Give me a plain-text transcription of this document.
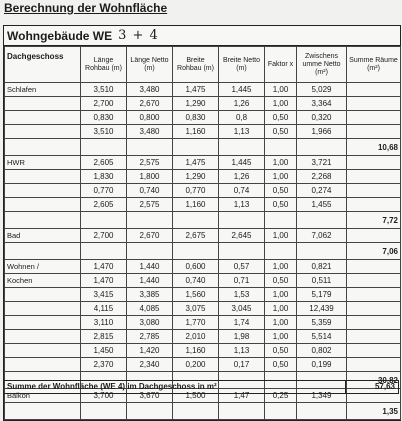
Berechnung der Wohnfläche
Wohngebäude WE 3 + 4
Dachgeschoss	Länge Rohbau (m)	Länge Netto (m)	Breite Rohbau (m)	Breite Netto (m)	Faktor x	Zwischens umme Netto (m²)	Summe Räume (m²)
Schlafen	3,510	3,480	1,475	1,445	1,00	5,029	
	2,700	2,670	1,290	1,26	1,00	3,364	
	0,830	0,800	0,830	0,8	0,50	0,320	
	3,510	3,480	1,160	1,13	0,50	1,966	
							10,68
HWR	2,605	2,575	1,475	1,445	1,00	3,721	
	1,830	1,800	1,290	1,26	1,00	2,268	
	0,770	0,740	0,770	0,74	0,50	0,274	
	2,605	2,575	1,160	1,13	0,50	1,455	
							7,72
Bad	2,700	2,670	2,675	2,645	1,00	7,062	
							7,06
Wohnen /	1,470	1,440	0,600	0,57	1,00	0,821	
Kochen	1,470	1,440	0,740	0,71	0,50	0,511	
	3,415	3,385	1,560	1,53	1,00	5,179	
	4,115	4,085	3,075	3,045	1,00	12,439	
	3,110	3,080	1,770	1,74	1,00	5,359	
	2,815	2,785	2,010	1,98	1,00	5,514	
	1,450	1,420	1,160	1,13	0,50	0,802	
	2,370	2,340	0,200	0,17	0,50	0,199	
							30,82
Balkon	3,700	3,670	1,500	1,47	0,25	1,349	
							1,35
Summe der Wohnfläche (WE 4) im Dachgeschoss in m²	57,63
